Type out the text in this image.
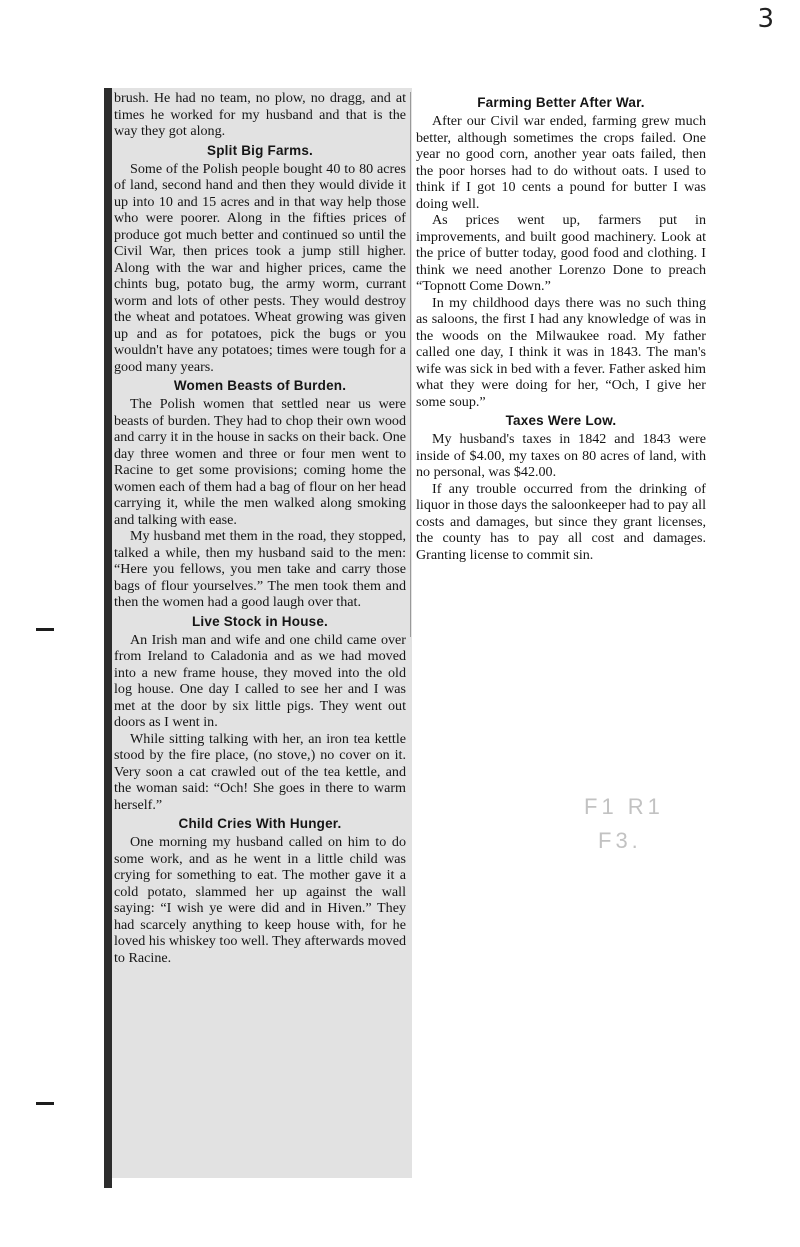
3

brush. He had no team, no plow, no dragg, and at times he worked for my husband and that is the way they got along.

Split Big Farms.

Some of the Polish people bought 40 to 80 acres of land, second hand and then they would divide it up into 10 and 15 acres and in that way help those who were poorer. Along in the fifties prices of produce got much better and continued so until the Civil War, then prices took a jump still higher. Along with the war and higher prices, came the chints bug, potato bug, the army worm, currant worm and lots of other pests. They would destroy the wheat and potatoes. Wheat growing was given up and as for potatoes, pick the bugs or you wouldn't have any potatoes; times were tough for a good many years.

Women Beasts of Burden.

The Polish women that settled near us were beasts of burden. They had to chop their own wood and carry it in the house in sacks on their back. One day three women and three or four men went to Racine to get some provisions; coming home the women each of them had a bag of flour on her head carrying it, while the men walked along smoking and talking with ease.

My husband met them in the road, they stopped, talked a while, then my husband said to the men: “Here you fellows, you men take and carry those bags of flour yourselves.” The men took them and then the women had a good laugh over that.

Live Stock in House.

An Irish man and wife and one child came over from Ireland to Caladonia and as we had moved into a new frame house, they moved into the old log house. One day I called to see her and I was met at the door by six little pigs. They went out doors as I went in.

While sitting talking with her, an iron tea kettle stood by the fire place, (no stove,) no cover on it. Very soon a cat crawled out of the tea kettle, and the woman said: “Och! She goes in there to warm herself.”

Child Cries With Hunger.

One morning my husband called on him to do some work, and as he went in a little child was crying for something to eat. The mother gave it a cold potato, slammed her up against the wall saying: “I wish ye were did and in Hiven.” They had scarcely anything to keep house with, for he loved his whiskey too well. They afterwards moved to Racine.

Farming Better After War.

After our Civil war ended, farming grew much better, although sometimes the crops failed. One year no good corn, another year oats failed, then the poor horses had to do without oats. I used to think if I got 10 cents a pound for butter I was doing well.

As prices went up, farmers put in improvements, and built good machinery. Look at the price of butter today, good food and clothing. I think we need another Lorenzo Done to preach “Topnott Come Down.”

In my childhood days there was no such thing as saloons, the first I had any knowledge of was in the woods on the Milwaukee road. My father called one day, I think it was in 1843. The man's wife was sick in bed with a fever. Father asked him what they were doing for her, “Och, I give her some soup.”

Taxes Were Low.

My husband's taxes in 1842 and 1843 were inside of $4.00, my taxes on 80 acres of land, with no personal, was $42.00.

If any trouble occurred from the drinking of liquor in those days the saloonkeeper had to pay all costs and damages, but since they grant licenses, the county has to pay all cost and damages. Granting license to commit sin.

F1 R1
F3.
